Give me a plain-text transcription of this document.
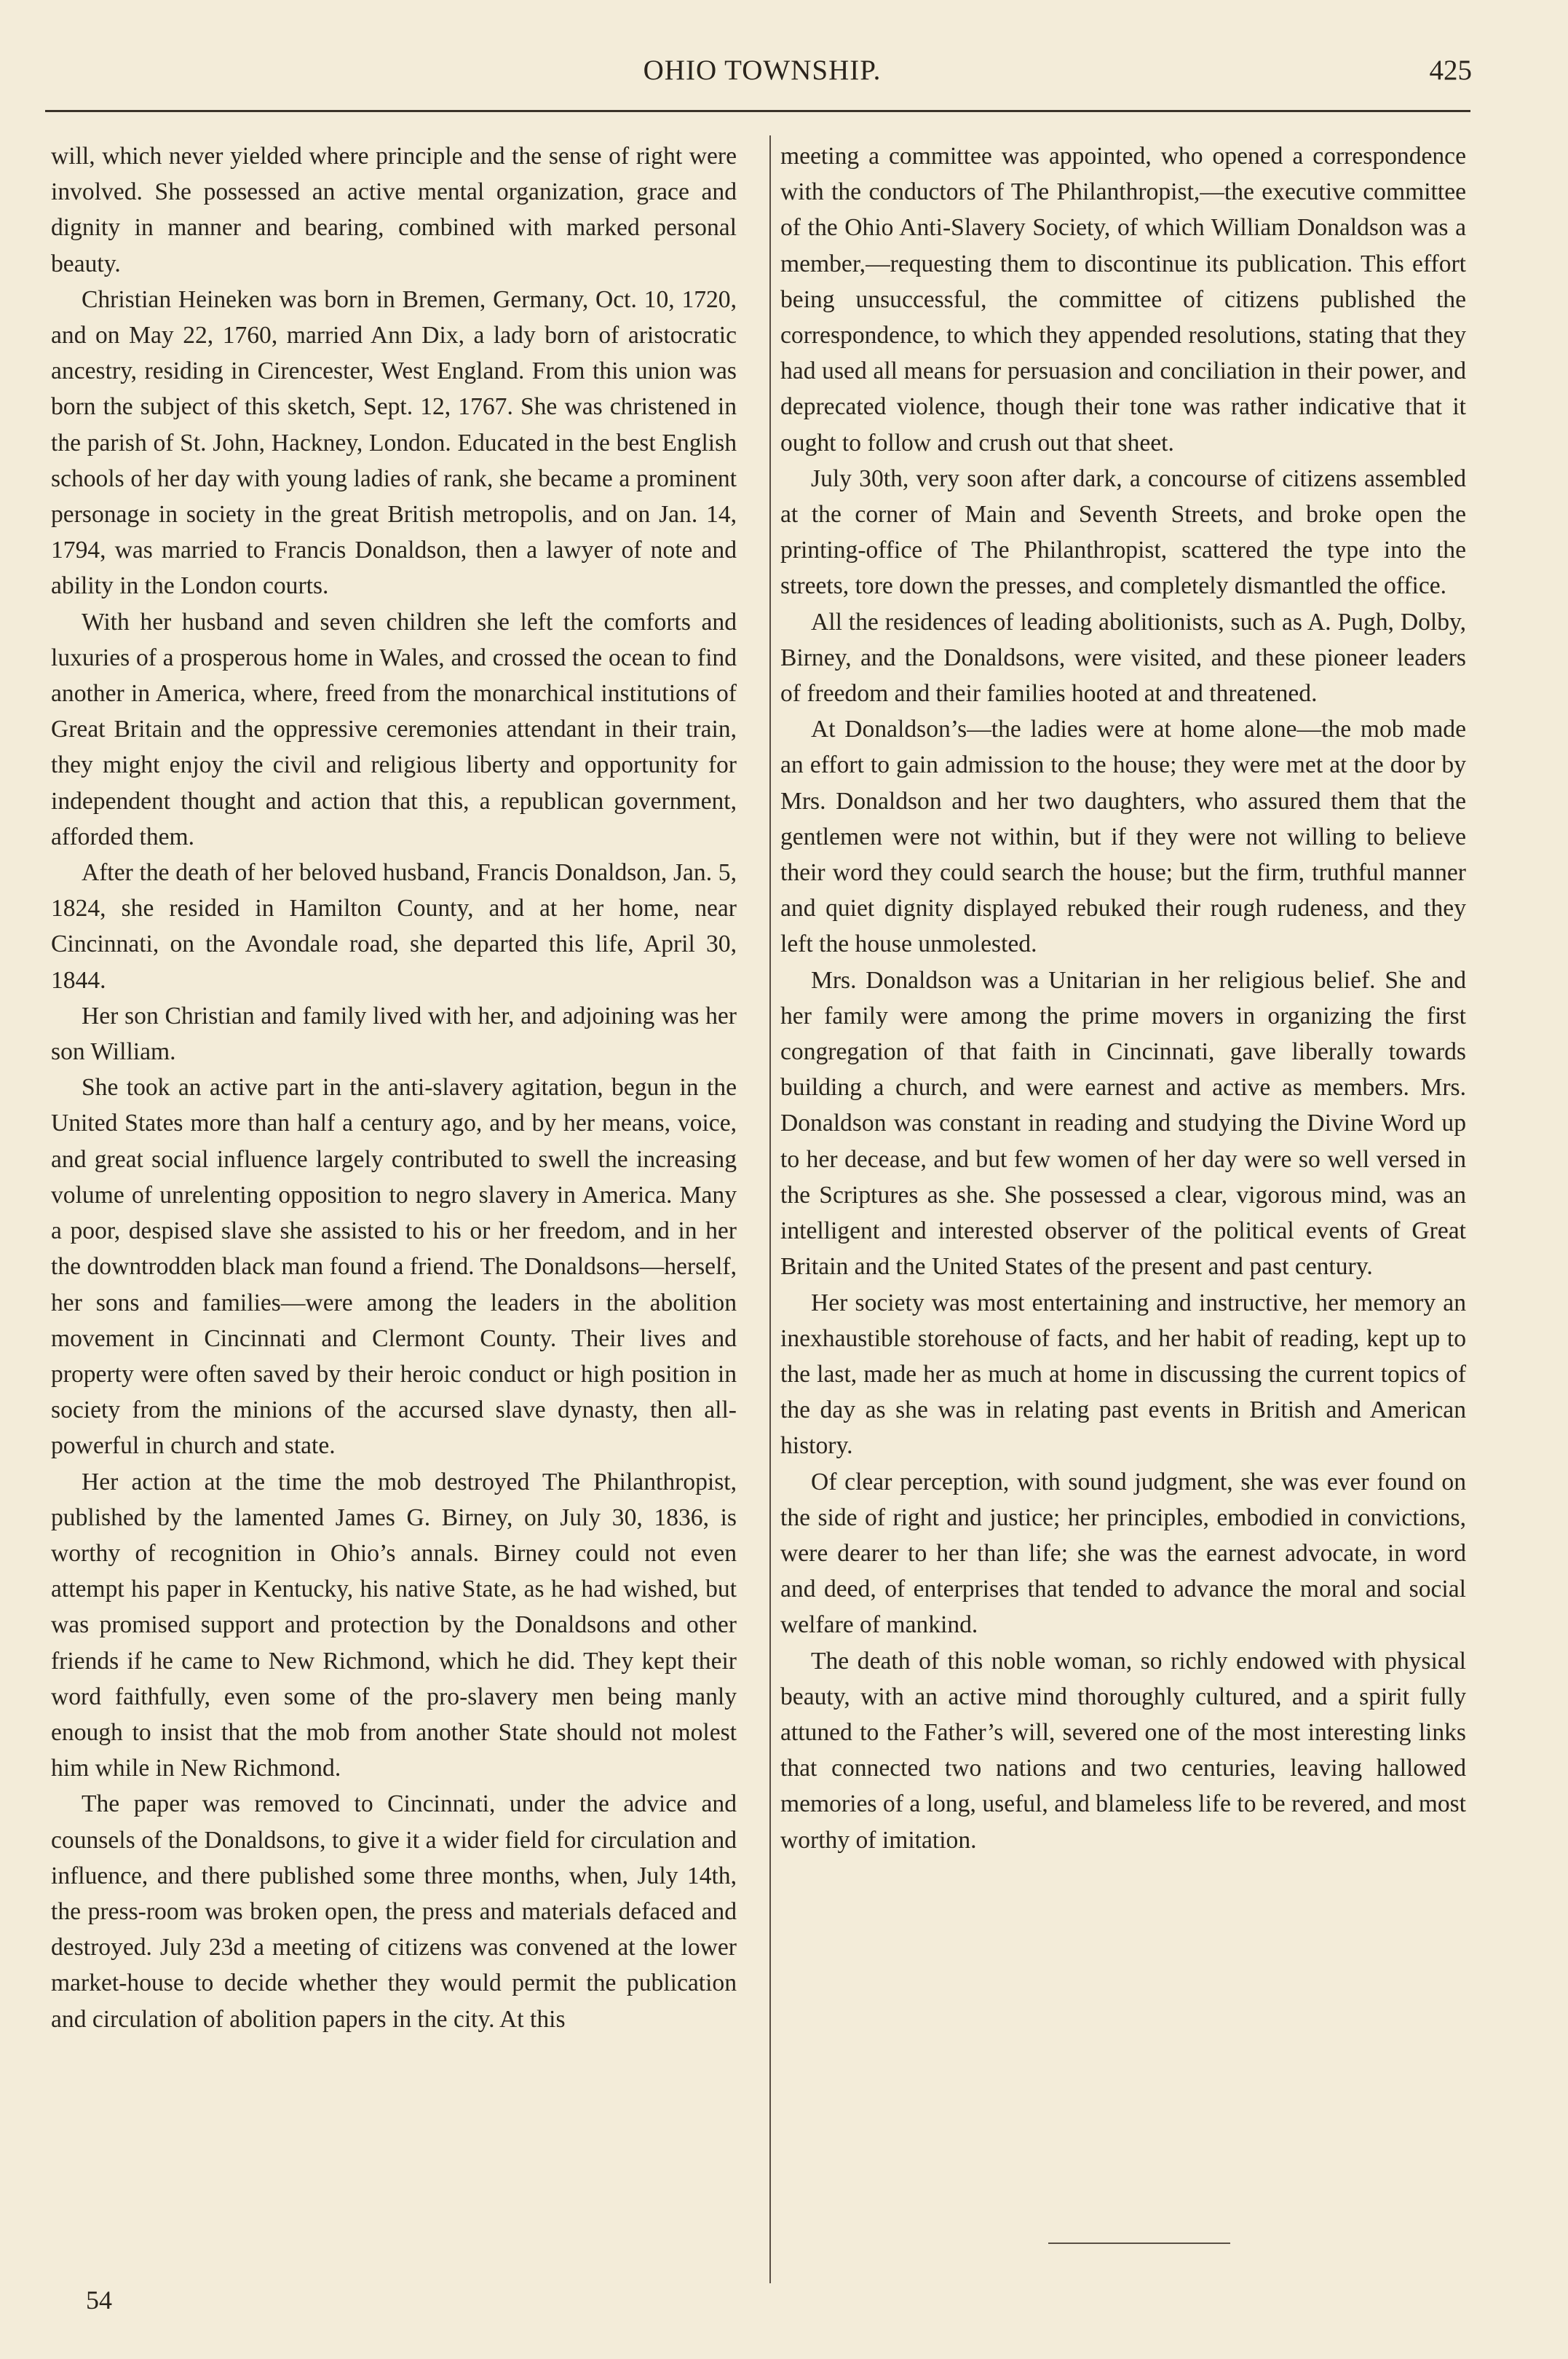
OHIO TOWNSHIP.	425

will, which never yielded where principle and the sense of right were involved. She possessed an active mental organization, grace and dignity in manner and bearing, combined with marked personal beauty.

Christian Heineken was born in Bremen, Germany, Oct. 10, 1720, and on May 22, 1760, married Ann Dix, a lady born of aristocratic ancestry, residing in Cirencester, West England. From this union was born the subject of this sketch, Sept. 12, 1767. She was christened in the parish of St. John, Hackney, London. Educated in the best English schools of her day with young ladies of rank, she became a prominent personage in society in the great British metropolis, and on Jan. 14, 1794, was married to Francis Donaldson, then a lawyer of note and ability in the London courts.

With her husband and seven children she left the comforts and luxuries of a prosperous home in Wales, and crossed the ocean to find another in America, where, freed from the monarchical institutions of Great Britain and the oppressive ceremonies attendant in their train, they might enjoy the civil and religious liberty and opportunity for independent thought and action that this, a republican government, afforded them.

After the death of her beloved husband, Francis Donaldson, Jan. 5, 1824, she resided in Hamilton County, and at her home, near Cincinnati, on the Avondale road, she departed this life, April 30, 1844.

Her son Christian and family lived with her, and adjoining was her son William.

She took an active part in the anti-slavery agitation, begun in the United States more than half a century ago, and by her means, voice, and great social influence largely contributed to swell the increasing volume of unrelenting opposition to negro slavery in America. Many a poor, despised slave she assisted to his or her freedom, and in her the downtrodden black man found a friend. The Donaldsons—herself, her sons and families—were among the leaders in the abolition movement in Cincinnati and Clermont County. Their lives and property were often saved by their heroic conduct or high position in society from the minions of the accursed slave dynasty, then all-powerful in church and state.

Her action at the time the mob destroyed The Philanthropist, published by the lamented James G. Birney, on July 30, 1836, is worthy of recognition in Ohio’s annals. Birney could not even attempt his paper in Kentucky, his native State, as he had wished, but was promised support and protection by the Donaldsons and other friends if he came to New Richmond, which he did. They kept their word faithfully, even some of the pro-slavery men being manly enough to insist that the mob from another State should not molest him while in New Richmond.

The paper was removed to Cincinnati, under the advice and counsels of the Donaldsons, to give it a wider field for circulation and influence, and there published some three months, when, July 14th, the press-room was broken open, the press and materials defaced and destroyed. July 23d a meeting of citizens was convened at the lower market-house to decide whether they would permit the publication and circulation of abolition papers in the city. At this

meeting a committee was appointed, who opened a correspondence with the conductors of The Philanthropist,—the executive committee of the Ohio Anti-Slavery Society, of which William Donaldson was a member,—requesting them to discontinue its publication. This effort being unsuccessful, the committee of citizens published the correspondence, to which they appended resolutions, stating that they had used all means for persuasion and conciliation in their power, and deprecated violence, though their tone was rather indicative that it ought to follow and crush out that sheet.

July 30th, very soon after dark, a concourse of citizens assembled at the corner of Main and Seventh Streets, and broke open the printing-office of The Philanthropist, scattered the type into the streets, tore down the presses, and completely dismantled the office.

All the residences of leading abolitionists, such as A. Pugh, Dolby, Birney, and the Donaldsons, were visited, and these pioneer leaders of freedom and their families hooted at and threatened.

At Donaldson’s—the ladies were at home alone—the mob made an effort to gain admission to the house; they were met at the door by Mrs. Donaldson and her two daughters, who assured them that the gentlemen were not within, but if they were not willing to believe their word they could search the house; but the firm, truthful manner and quiet dignity displayed rebuked their rough rudeness, and they left the house unmolested.

Mrs. Donaldson was a Unitarian in her religious belief. She and her family were among the prime movers in organizing the first congregation of that faith in Cincinnati, gave liberally towards building a church, and were earnest and active as members. Mrs. Donaldson was constant in reading and studying the Divine Word up to her decease, and but few women of her day were so well versed in the Scriptures as she. She possessed a clear, vigorous mind, was an intelligent and interested observer of the political events of Great Britain and the United States of the present and past century.

Her society was most entertaining and instructive, her memory an inexhaustible storehouse of facts, and her habit of reading, kept up to the last, made her as much at home in discussing the current topics of the day as she was in relating past events in British and American history.

Of clear perception, with sound judgment, she was ever found on the side of right and justice; her principles, embodied in convictions, were dearer to her than life; she was the earnest advocate, in word and deed, of enterprises that tended to advance the moral and social welfare of mankind.

The death of this noble woman, so richly endowed with physical beauty, with an active mind thoroughly cultured, and a spirit fully attuned to the Father’s will, severed one of the most interesting links that connected two nations and two centuries, leaving hallowed memories of a long, useful, and blameless life to be revered, and most worthy of imitation.

54
